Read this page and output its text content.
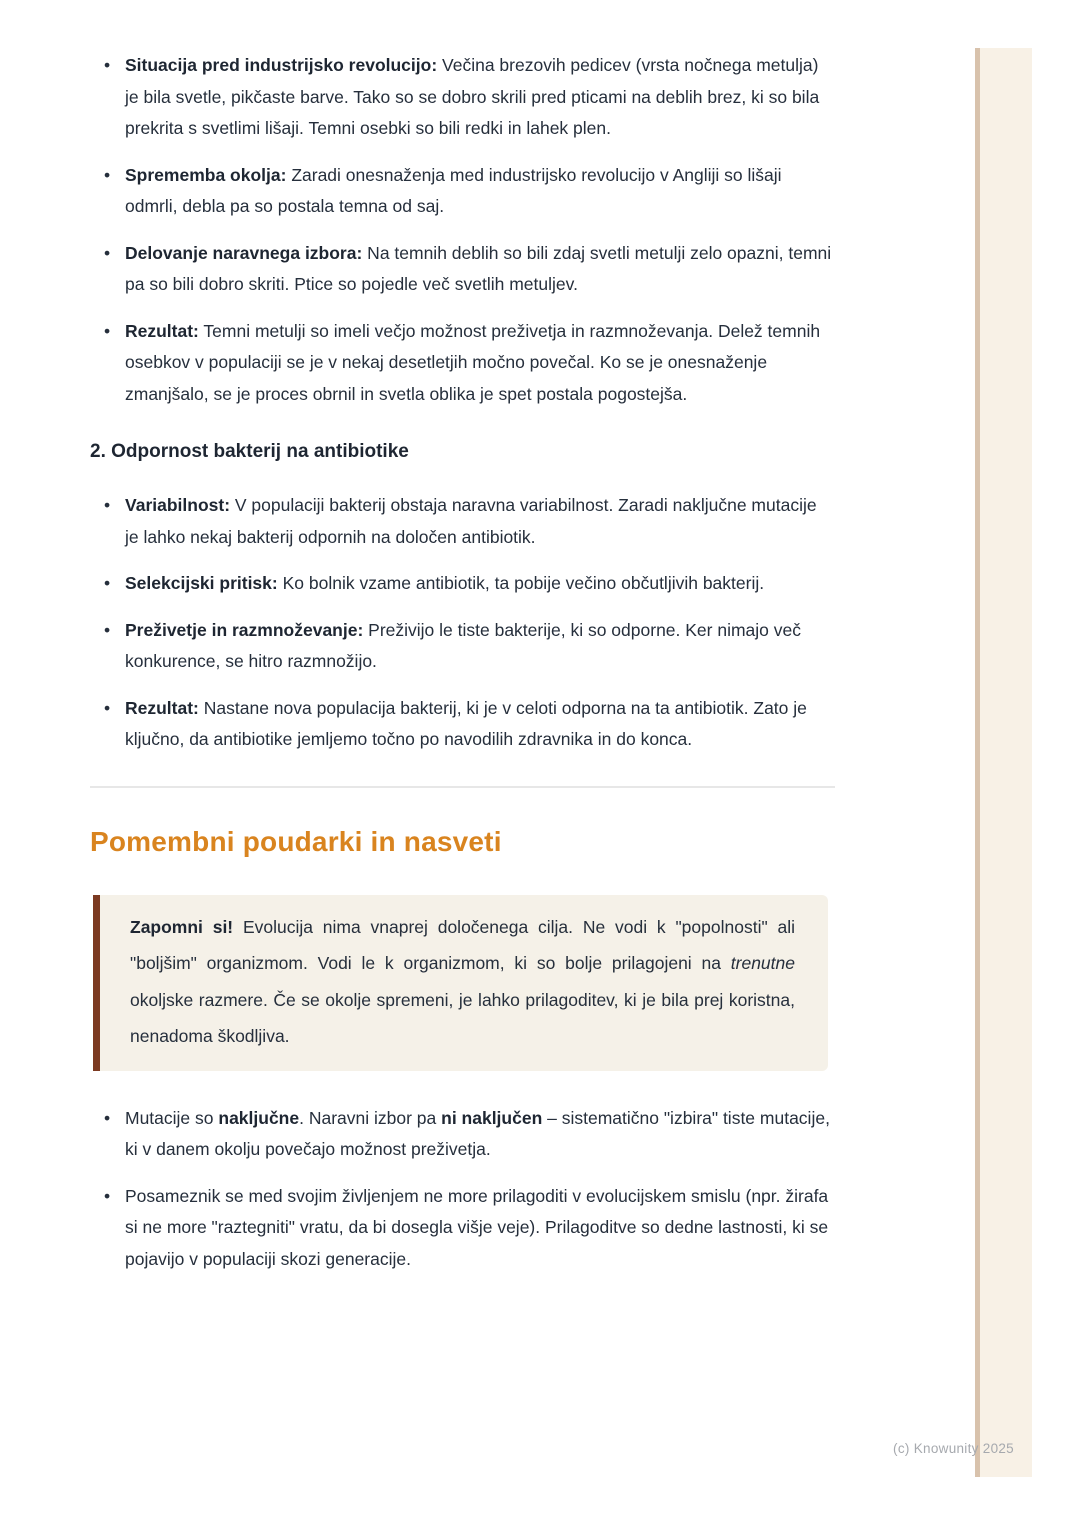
• Situacija pred industrijsko revolucijo: Večina brezovih pedicev (vrsta nočnega metulja) je bila svetle, pikčaste barve. Tako so se dobro skrili pred pticami na deblih brez, ki so bila prekrita s svetlimi lišaji. Temni osebki so bili redki in lahek plen.
• Sprememba okolja: Zaradi onesnaženja med industrijsko revolucijo v Angliji so lišaji odmrli, debla pa so postala temna od saj.
• Delovanje naravnega izbora: Na temnih deblih so bili zdaj svetli metulji zelo opazni, temni pa so bili dobro skriti. Ptice so pojedle več svetlih metuljev.
• Rezultat: Temni metulji so imeli večjo možnost preživetja in razmnoževanja. Delež temnih osebkov v populaciji se je v nekaj desetletjih močno povečal. Ko se je onesnaženje zmanjšalo, se je proces obrnil in svetla oblika je spet postala pogostejša.
2. Odpornost bakterij na antibiotike
• Variabilnost: V populaciji bakterij obstaja naravna variabilnost. Zaradi naključne mutacije je lahko nekaj bakterij odpornih na določen antibiotik.
• Selekcijski pritisk: Ko bolnik vzame antibiotik, ta pobije večino občutljivih bakterij.
• Preživetje in razmnoževanje: Preživijo le tiste bakterije, ki so odporne. Ker nimajo več konkurence, se hitro razmnožijo.
• Rezultat: Nastane nova populacija bakterij, ki je v celoti odporna na ta antibiotik. Zato je ključno, da antibiotike jemljemo točno po navodilih zdravnika in do konca.
Pomembni poudarki in nasveti

Zapomni si! Evolucija nima vnaprej določenega cilja. Ne vodi k "popolnosti" ali "boljšim" organizmom. Vodi le k organizmom, ki so bolje prilagojeni na trenutne okoljske razmere. Če se okolje spremeni, je lahko prilagoditev, ki je bila prej koristna, nenadoma škodljiva.

• Mutacije so naključne. Naravni izbor pa ni naključen – sistematično "izbira" tiste mutacije, ki v danem okolju povečajo možnost preživetja.
• Posameznik se med svojim življenjem ne more prilagoditi v evolucijskem smislu (npr. žirafa si ne more "raztegniti" vratu, da bi dosegla višje veje). Prilagoditve so dedne lastnosti, ki se pojavijo v populaciji skozi generacije.
(c) Knowunity 2025
